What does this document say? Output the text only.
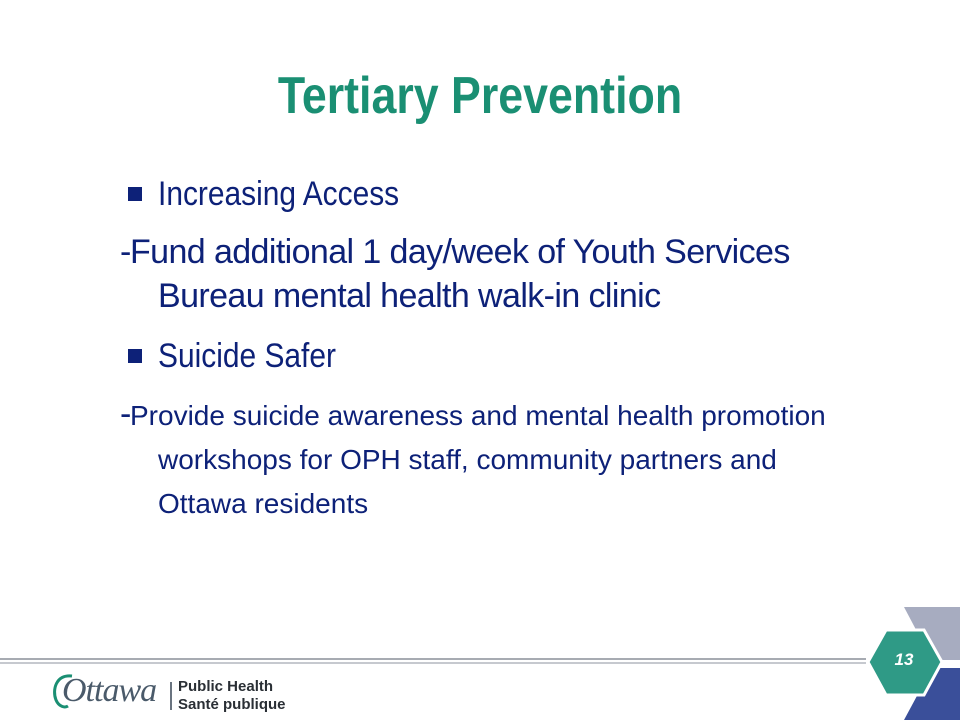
Tertiary Prevention
Increasing Access
-Fund additional 1 day/week of Youth Services Bureau mental health walk-in clinic
Suicide Safer
-Provide suicide awareness and mental health promotion workshops for OPH staff, community partners and Ottawa residents
13
Ottawa Public Health
Santé publique
